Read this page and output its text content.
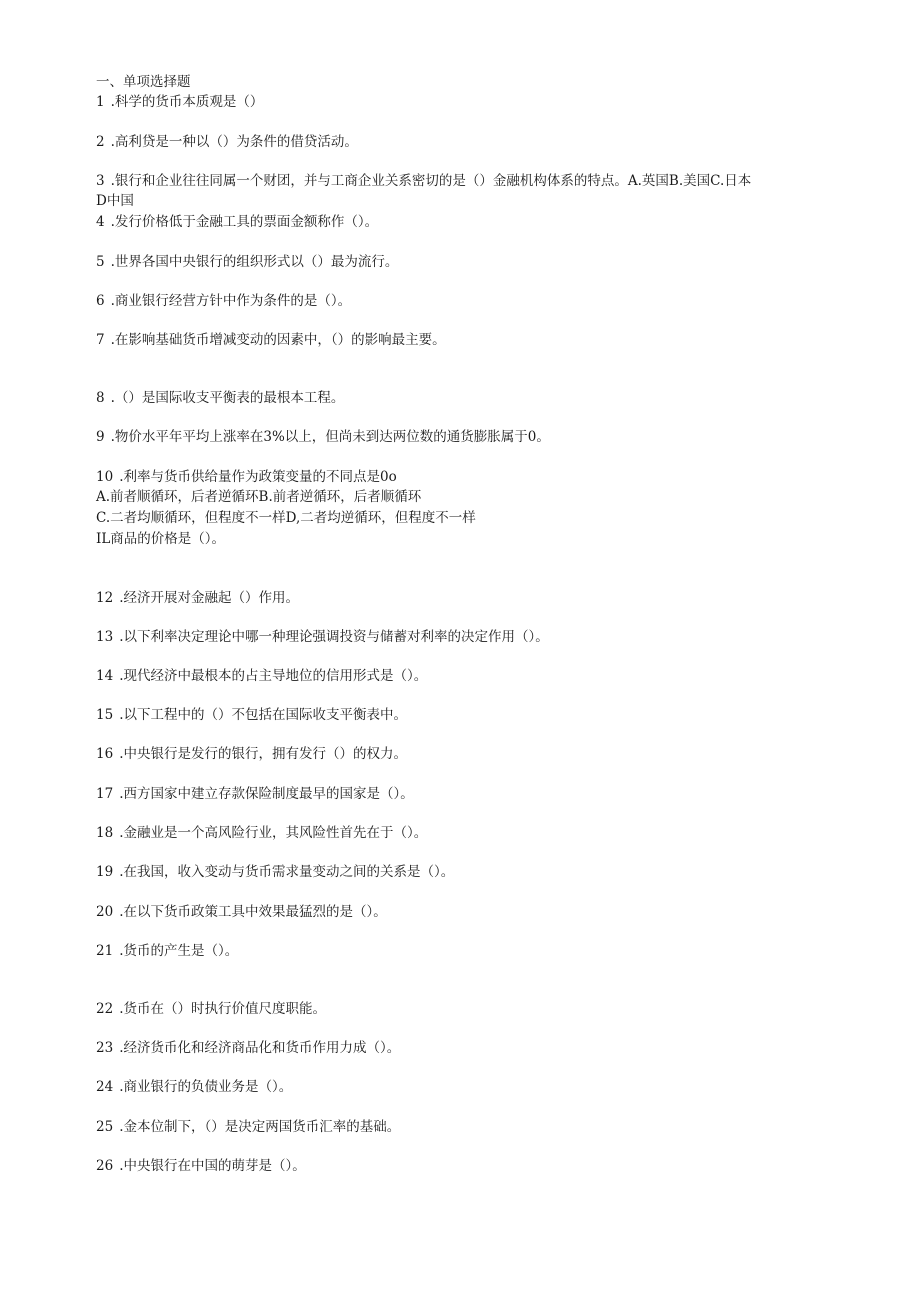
一、单项选择题
1 .科学的货币本质观是（）
2 .高利贷是一种以（）为条件的借贷活动。
3 .银行和企业往往同属一个财团，并与工商企业关系密切的是（）金融机构体系的特点。A.英国B.美国C.日本
D中国
4 .发行价格低于金融工具的票面金额称作（）。
5 .世界各国中央银行的组织形式以（）最为流行。
6 .商业银行经营方针中作为条件的是（）。
7 .在影响基础货币增减变动的因素中，（）的影响最主要。
8 .（）是国际收支平衡表的最根本工程。
9 .物价水平年平均上涨率在3%以上，但尚未到达两位数的通货膨胀属于0。
10 .利率与货币供给量作为政策变量的不同点是0o
A.前者顺循环，后者逆循环B.前者逆循环，后者顺循环
C.二者均顺循环，但程度不一样D,二者均逆循环，但程度不一样
IL商品的价格是（）。
12 .经济开展对金融起（）作用。
13 .以下利率决定理论中哪一种理论强调投资与储蓄对利率的决定作用（）。
14 .现代经济中最根本的占主导地位的信用形式是（）。
15 .以下工程中的（）不包括在国际收支平衡表中。
16 .中央银行是发行的银行，拥有发行（）的权力。
17 .西方国家中建立存款保险制度最早的国家是（）。
18 .金融业是一个高风险行业，其风险性首先在于（）。
19 .在我国，收入变动与货币需求量变动之间的关系是（）。
20 .在以下货币政策工具中效果最猛烈的是（）。
21 .货币的产生是（）。
22 .货币在（）时执行价值尺度职能。
23 .经济货币化和经济商品化和货币作用力成（）。
24 .商业银行的负债业务是（）。
25 .金本位制下，（）是决定两国货币汇率的基础。
26 .中央银行在中国的萌芽是（）。
